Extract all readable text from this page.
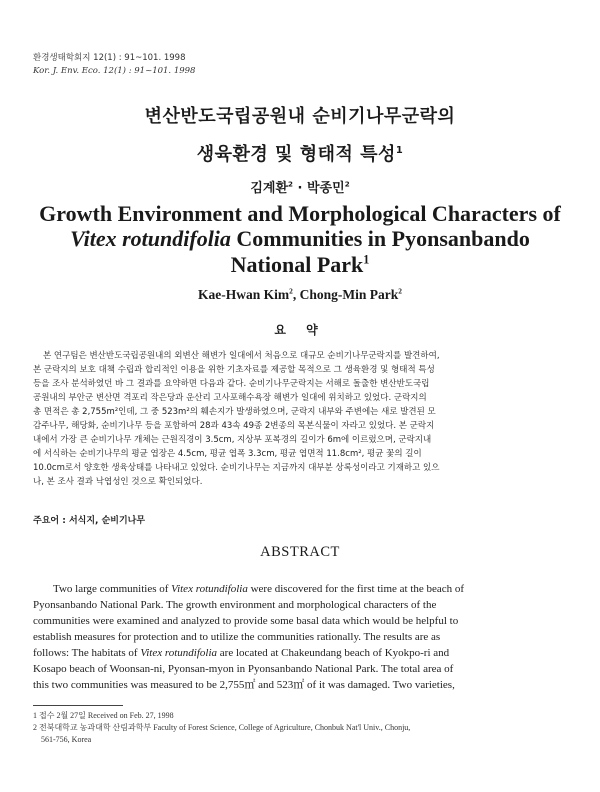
환경생태학회지 12(1) : 91~101. 1998
Kor. J. Env. Eco. 12(1) : 91~101. 1998
변산반도국립공원내 순비기나무군락의
생육환경 및 형태적 특성$^1$
김계환$^2$ · 박종민$^2$
Growth Environment and Morphological Characters of
Vitex rotundifolia Communities in Pyonsanbando
National Park$^1$
Kae-Hwan Kim$^2$, Chong-Min Park$^2$
요 약
본 연구팀은 변산반도국립공원내의 외변산 해변가 일대에서 처음으로 대규모 순비기나무군락지를 발견하여,
본 군락지의 보호 대책 수립과 합리적인 이용을 위한 기초자료를 제공할 목적으로 그 생육환경 및 형태적 특성
등을 조사 분석하였던 바 그 결과를 요약하면 다음과 같다. 순비기나무군락지는 서해로 돌출한 변산반도국립
공원내의 부안군 변산면 격포리 작은당과 운산리 고사포해수욕장 해변가 일대에 위치하고 있었다. 군락지의
총 면적은 총 2,755m²인데, 그 중 523m²의 훼손지가 발생하였으며, 군락지 내부와 주변에는 새로 발견된 모
감주나무, 해당화, 순비기나무 등을 포함하여 28과 43속 49종 2변종의 목본식물이 자라고 있었다. 본 군락지
내에서 가장 큰 순비기나무 개체는 근원직경이 3.5cm, 지상부 포복경의 길이가 6m에 이르렀으며, 군락지내
에 서식하는 순비기나무의 평균 엽장은 4.5cm, 평균 엽폭 3.3cm, 평균 엽면적 11.8cm², 평균 꽃의 길이
10.0cm로서 양호한 생육상태를 나타내고 있었다. 순비기나무는 지금까지 대부분 상록성이라고 기재하고 있으
나, 본 조사 결과 낙엽성인 것으로 확인되었다.
주요어 : 서식지, 순비기나무
ABSTRACT
Two large communities of Vitex rotundifolia were discovered for the first time at the beach of
Pyonsanbando National Park. The growth environment and morphological characters of the
communities were examined and analyzed to provide some basal data which would be helpful to
establish measures for protection and to utilize the communities rationally. The results are as
follows: The habitats of Vitex rotundifolia are located at Chakeundang beach of Kyokpo-ri and
Kosapo beach of Woonsan-ni, Pyonsan-myon in Pyonsanbando National Park. The total area of
this two communities was measured to be 2,755㎡ and 523㎡ of it was damaged. Two varieties,
1 접수 2월 27일 Received on Feb. 27, 1998
2 전북대학교 농과대학 산림과학부 Faculty of Forest Science, College of Agriculture, Chonbuk Nat'l Univ., Chonju,
561-756, Korea
